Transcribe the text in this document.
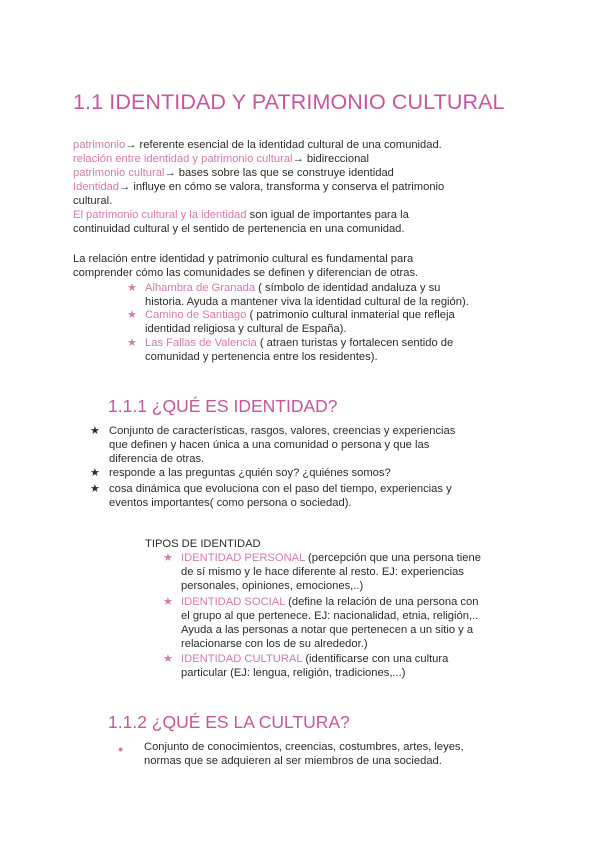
1.1 IDENTIDAD Y PATRIMONIO CULTURAL
patrimonio→ referente esencial de la identidad cultural de una comunidad.
relación entre identidad y patrimonio cultural→ bidireccional
patrimonio cultural→ bases sobre las que se construye identidad
Identidad→ influye en cómo se valora, transforma y conserva el patrimonio
cultural.
El patrimonio cultural y la identidad son igual de importantes para la
continuidad cultural y el sentido de pertenencia en una comunidad.
La relación entre identidad y patrimonio cultural es fundamental para
comprender cómo las comunidades se definen y diferencian de otras.
★ Alhambra de Granada ( símbolo de identidad andaluza y su
historia. Ayuda a mantener viva la identidad cultural de la región).
★ Camino de Santiago ( patrimonio cultural inmaterial que refleja
identidad religiosa y cultural de España).
★ Las Fallas de Valencia ( atraen turistas y fortalecen sentido de
comunidad y pertenencia entre los residentes).
1.1.1 ¿QUÉ ES IDENTIDAD?
★ Conjunto de características, rasgos, valores, creencias y experiencias
que definen y hacen única a una comunidad o persona y que las
diferencia de otras.
★ responde a las preguntas ¿quién soy? ¿quiénes somos?
★ cosa dinámica que evoluciona con el paso del tiempo, experiencias y
eventos importantes( como persona o sociedad).
TIPOS DE IDENTIDAD
★ IDENTIDAD PERSONAL (percepción que una persona tiene
de sí mismo y le hace diferente al resto. EJ: experiencias
personales, opiniones, emociones,..)
★ IDENTIDAD SOCIAL (define la relación de una persona con
el grupo al que pertenece. EJ: nacionalidad, etnia, religión,..
Ayuda a las personas a notar que pertenecen a un sitio y a
relacionarse con los de su alrededor.)
★ IDENTIDAD CULTURAL (identificarse con una cultura
particular (EJ: lengua, religión, tradiciones,...)
1.1.2 ¿QUÉ ES LA CULTURA?
● Conjunto de conocimientos, creencias, costumbres, artes, leyes,
normas que se adquieren al ser miembros de una sociedad.
